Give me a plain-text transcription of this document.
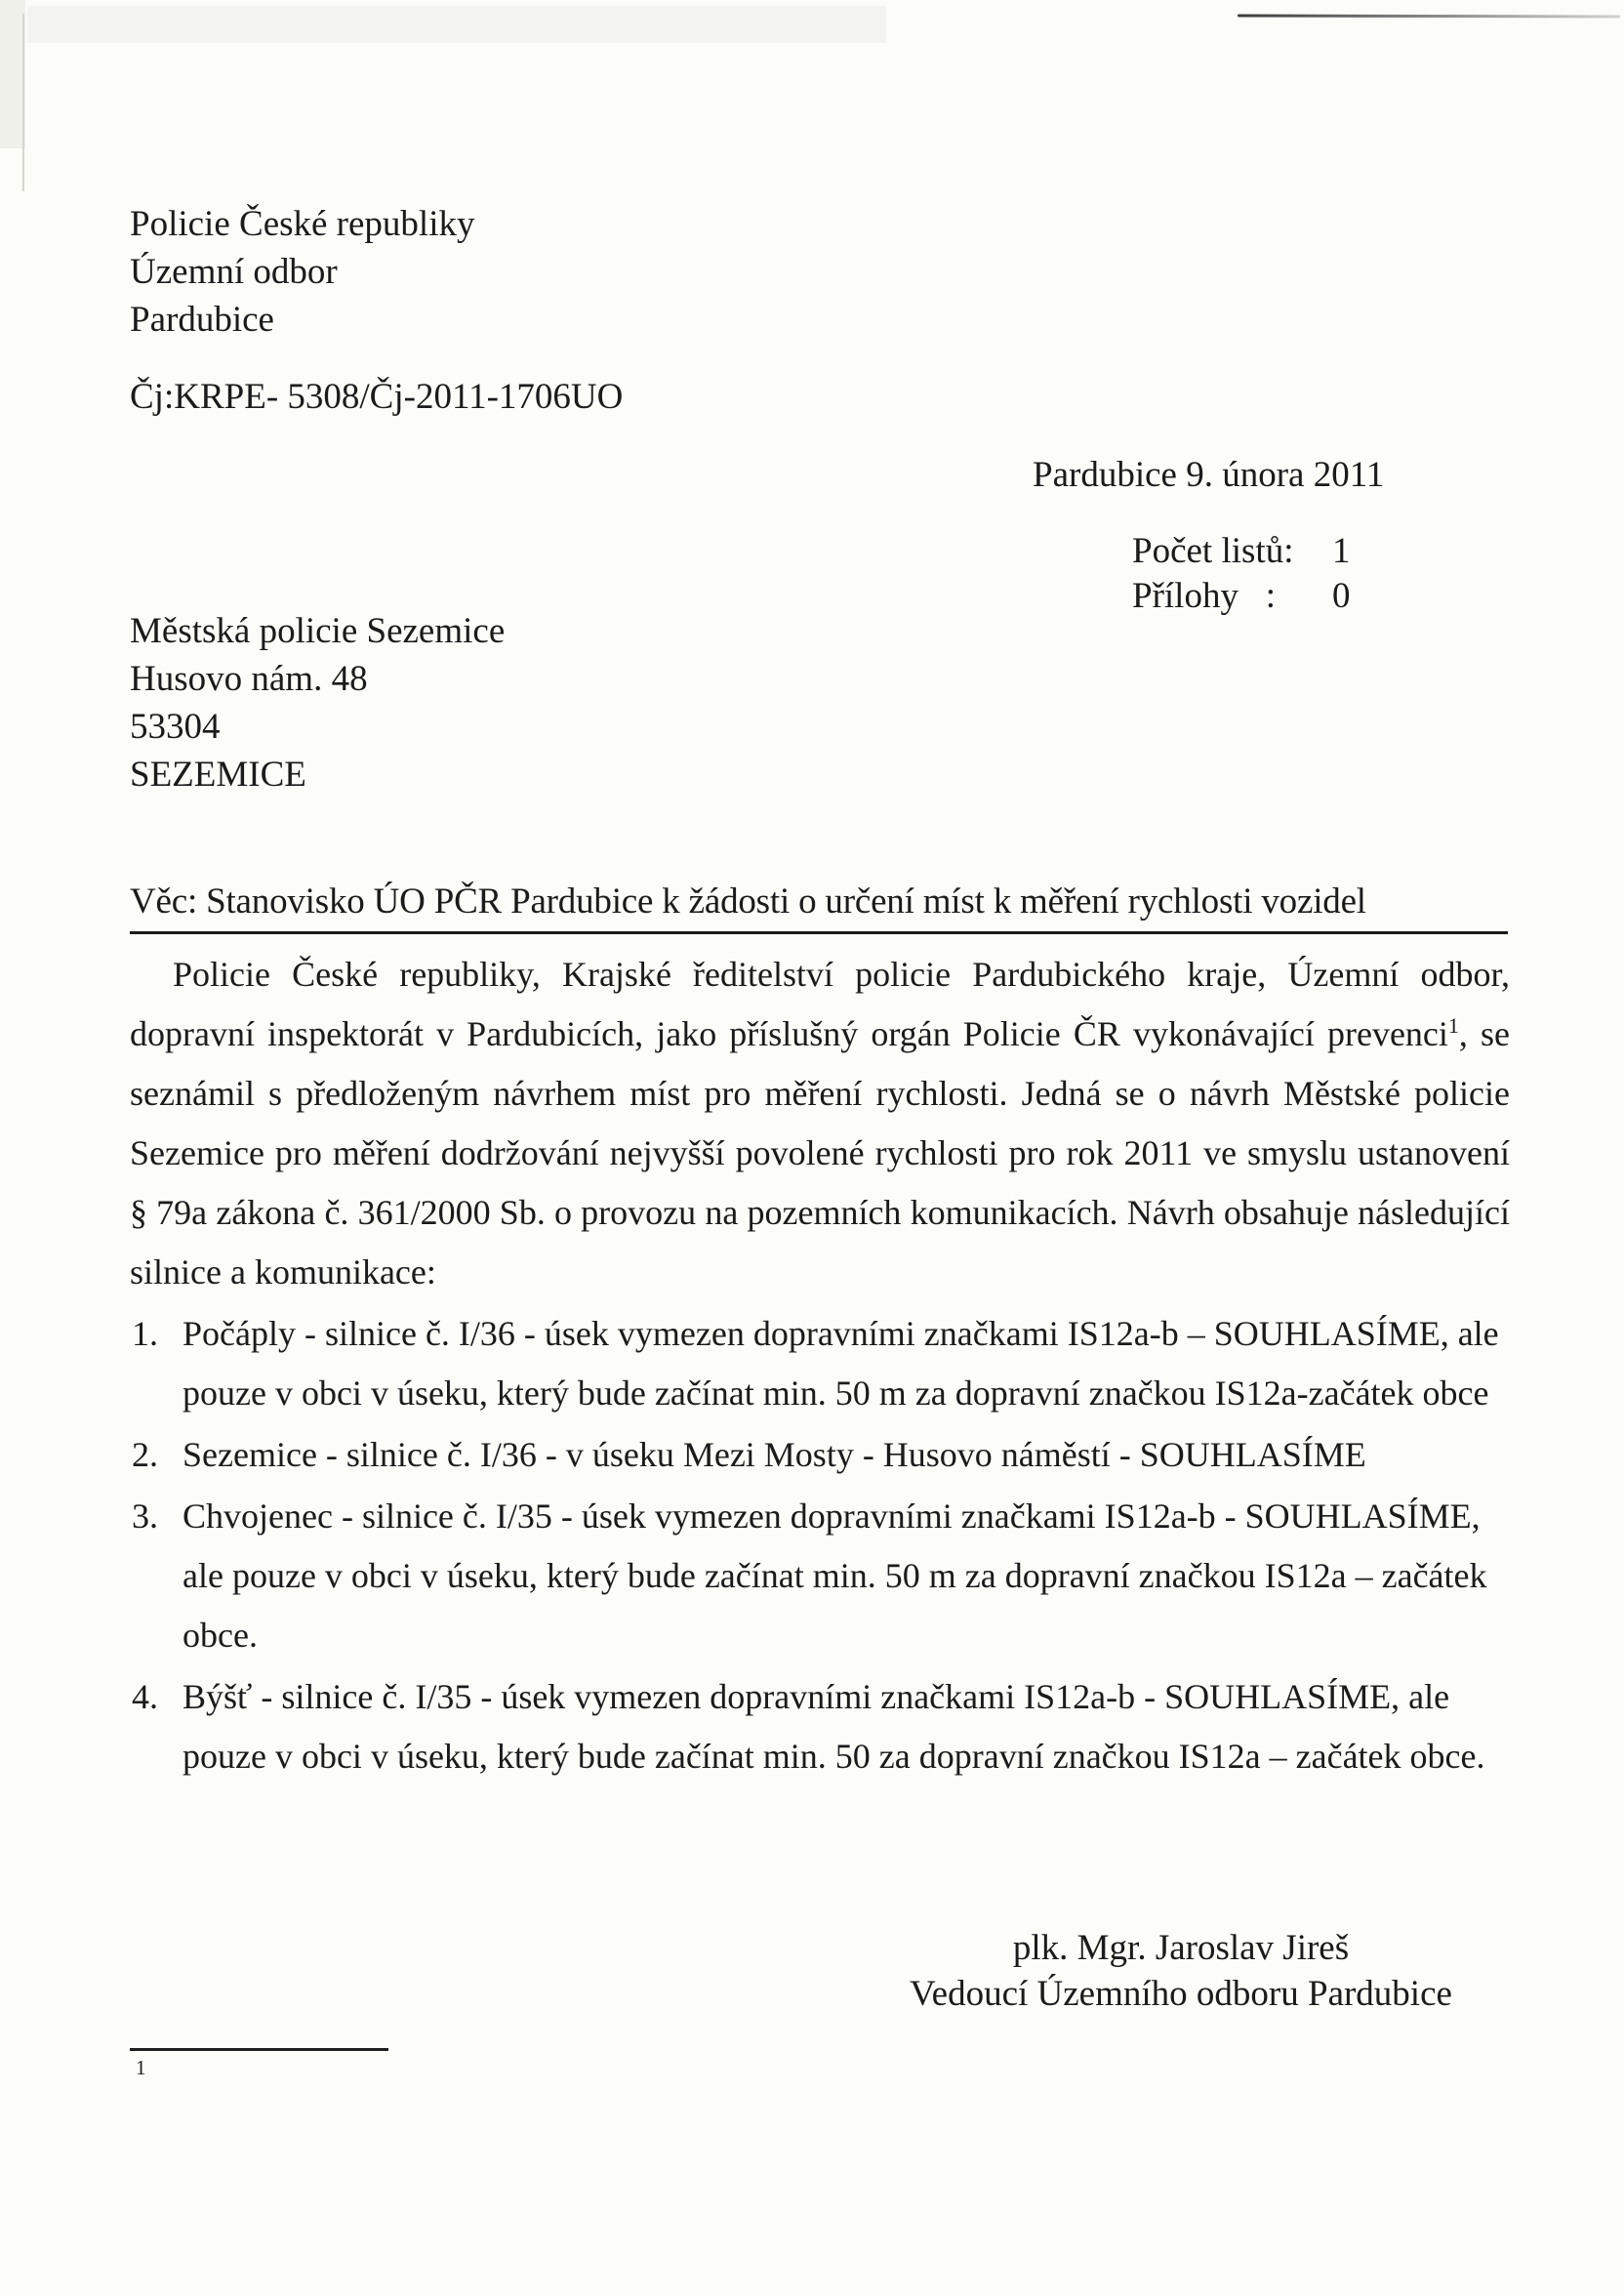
Policie České republiky
Územní odbor
Pardubice
Čj:KRPE- 5308/Čj-2011-1706UO
Pardubice 9. února 2011
Počet listů:	1
Přílohy   :	0
Městská policie Sezemice
Husovo nám. 48
53304
SEZEMICE
Věc: Stanovisko ÚO PČR Pardubice k žádosti o určení míst k měření rychlosti vozidel

Policie České republiky, Krajské ředitelství policie Pardubického kraje, Územní odbor, dopravní inspektorát v Pardubicích, jako příslušný orgán Policie ČR vykonávající prevenci$^1$, se seznámil s předloženým návrhem míst pro měření rychlosti. Jedná se o návrh Městské policie Sezemice pro měření dodržování nejvyšší povolené rychlosti pro rok 2011 ve smyslu ustanovení § 79a zákona č. 361/2000 Sb. o provozu na pozemních komunikacích. Návrh obsahuje následující silnice a komunikace:

1. Počáply - silnice č. I/36 - úsek vymezen dopravními značkami IS12a-b – SOUHLASÍME, ale pouze v obci v úseku, který bude začínat min. 50 m za dopravní značkou IS12a-začátek obce
2. Sezemice - silnice č. I/36 - v úseku Mezi Mosty - Husovo náměstí - SOUHLASÍME
3. Chvojenec - silnice č. I/35 - úsek vymezen dopravními značkami IS12a-b - SOUHLASÍME, ale pouze v obci v úseku, který bude začínat min. 50 m za dopravní značkou IS12a – začátek obce.
4. Býšť - silnice č. I/35 - úsek vymezen dopravními značkami IS12a-b - SOUHLASÍME, ale pouze v obci v úseku, který bude začínat min. 50 za dopravní značkou IS12a – začátek obce.
plk. Mgr. Jaroslav Jireš
Vedoucí Územního odboru Pardubice
1
